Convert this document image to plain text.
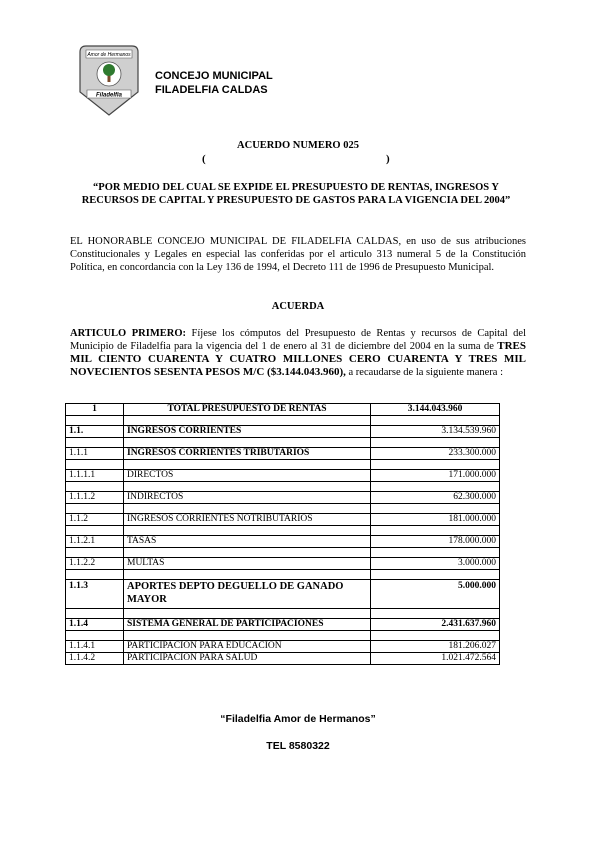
Amor de Hermanos
Filadelfia
CONCEJO MUNICIPAL
FILADELFIA CALDAS
ACUERDO NUMERO 025
(	)
“POR MEDIO DEL CUAL SE EXPIDE EL PRESUPUESTO DE RENTAS, INGRESOS Y RECURSOS DE CAPITAL Y PRESUPUESTO DE GASTOS PARA LA VIGENCIA DEL 2004”
EL HONORABLE CONCEJO MUNICIPAL DE FILADELFIA CALDAS, en uso de sus atribuciones Constitucionales y Legales en especial las conferidas por el articulo 313 numeral 5 de la Constitución Política, en concordancia con la Ley 136 de 1994, el Decreto 111 de 1996 de Presupuesto Municipal.
ACUERDA
ARTICULO PRIMERO: Fíjese los cómputos del Presupuesto de Rentas y recursos de Capital del Municipio de Filadelfia para la vigencia del 1 de enero al 31 de diciembre del 2004 en la suma de TRES MIL CIENTO CUARENTA Y CUATRO MILLONES CERO CUARENTA Y TRES MIL NOVECIENTOS SESENTA PESOS M/C ($3.144.043.960), a recaudarse de la siguiente manera :
1	TOTAL PRESUPUESTO DE RENTAS	3.144.043.960

1.1.	INGRESOS CORRIENTES	3.134.539.960

1.1.1	INGRESOS CORRIENTES TRIBUTARIOS	233.300.000

1.1.1.1	DIRECTOS	171.000.000

1.1.1.2	INDIRECTOS	62.300.000

1.1.2	INGRESOS CORRIENTES NOTRIBUTARIOS	181.000.000

1.1.2.1	TASAS	178.000.000

1.1.2.2	MULTAS	3.000.000

1.1.3	APORTES DEPTO DEGUELLO DE GANADO MAYOR	5.000.000

1.1.4	SISTEMA GENERAL DE PARTICIPACIONES	2.431.637.960

1.1.4.1	PARTICIPACION PARA EDUCACION	181.206.027
1.1.4.2	PARTICIPACION PARA SALUD	1.021.472.564
“Filadelfia Amor de Hermanos”
TEL 8580322
